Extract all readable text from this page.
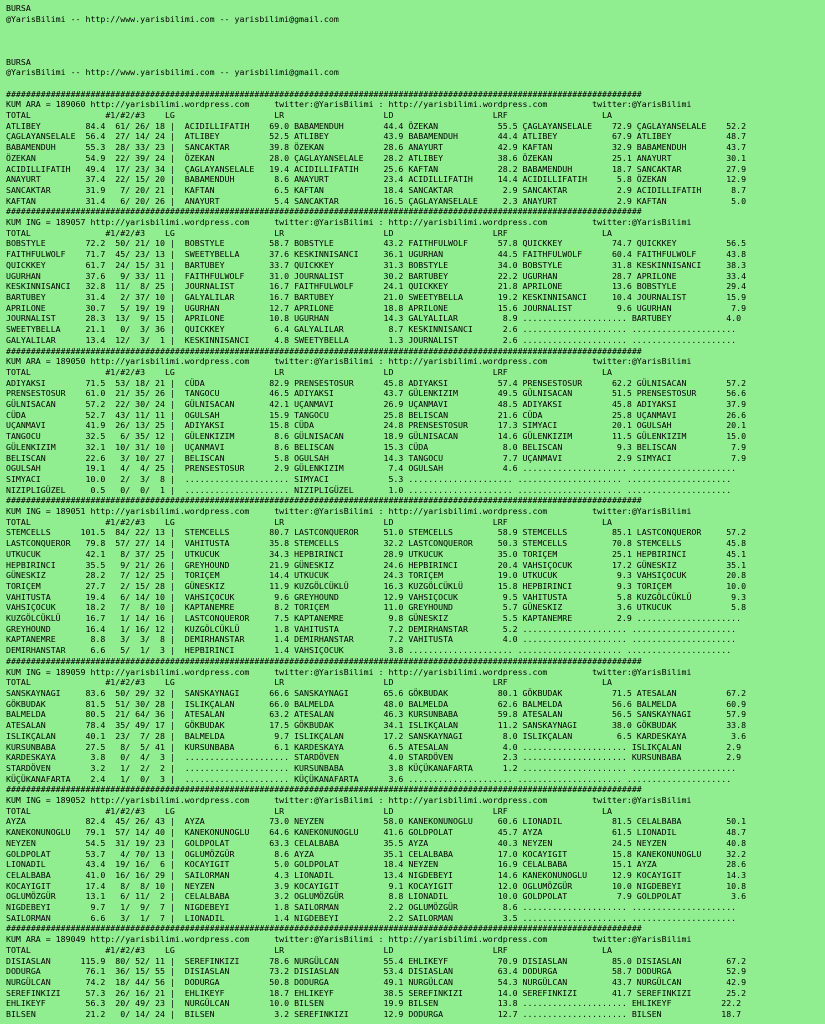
BURSA
@YarisBilimi -- http://www.yarisbilimi.com -- yarisbilimi@gmail.com

BURSA
@YarisBilimi -- http://www.yarisbilimi.com -- yarisbilimi@gmail.com

################################################################################################################################
KUM ARA = 189060 http://yarisbilimi.wordpress.com     twitter:@YarisBilimi : http://yarisbilimi.wordpress.com         twitter:@YarisBilimi
TOTAL               #1/#2/#3    LG                    LR                    LD                    LRF                   LA
ATLIBEY         84.4  61/ 26/ 18 |  ACIDILLIFATIH    69.0 BABAMENDUH        44.4 ÖZEKAN            55.5 ÇAGLAYANSELALE    72.9 ÇAGLAYANSELALE    52.2
ÇAGLAYANSELALE  56.4  27/ 14/ 24 |  ATLIBEY          52.5 ATLIBEY           43.9 BABAMENDUH        44.4 ATLIBEY           67.9 ATLIBEY           48.7
BABAMENDUH      55.3  28/ 33/ 23 |  SANCAKTAR        39.8 ÖZEKAN            28.6 ANAYURT           42.9 KAFTAN            32.9 BABAMENDUH        43.7
ÖZEKAN          54.9  22/ 39/ 24 |  ÖZEKAN           28.0 ÇAGLAYANSELALE    28.2 ATLIBEY           38.6 ÖZEKAN            25.1 ANAYURT           30.1
ACIDILLIFATIH   49.4  17/ 23/ 34 |  ÇAGLAYANSELALE   19.4 ACIDILLIFATIH     25.6 KAFTAN            28.2 BABAMENDUH        18.7 SANCAKTAR         27.9
ANAYURT         37.4  22/ 15/ 20 |  BABAMENDUH        8.6 ANAYURT           23.4 ACIDILLIFATIH     14.4 ACIDILLIFATIH      5.8 ÖZEKAN            12.9
SANCAKTAR       31.9   7/ 20/ 21 |  KAFTAN            6.5 KAFTAN            18.4 SANCAKTAR          2.9 SANCAKTAR          2.9 ACIDILLIFATIH      8.7
KAFTAN          31.4   6/ 20/ 26 |  ANAYURT           5.4 SANCAKTAR         16.5 ÇAGLAYANSELALE     2.3 ANAYURT            2.9 KAFTAN             5.0
################################################################################################################################
KUM ING = 189057 http://yarisbilimi.wordpress.com     twitter:@YarisBilimi : http://yarisbilimi.wordpress.com         twitter:@YarisBilimi
TOTAL               #1/#2/#3    LG                    LR                    LD                    LRF                   LA
BOBSTYLE        72.2  50/ 21/ 10 |  BOBSTYLE         58.7 BOBSTYLE          43.2 FAITHFULWOLF      57.8 QUICKKEY          74.7 QUICKKEY          56.5
FAITHFULWOLF    71.7  45/ 23/ 13 |  SWEETYBELLA      37.6 KESKINNISANCI     36.1 UGURHAN           44.5 FAITHFULWOLF      60.4 FAITHFULWOLF      43.8
QUICKKEY        61.7  24/ 15/ 31 |  BARTUBEY         33.7 QUICKKEY          31.3 BOBSTYLE          34.0 BOBSTYLE          31.8 KESKINNISANCI     38.3
UGURHAN         37.6   9/ 33/ 11 |  FAITHFULWOLF     31.0 JOURNALIST        30.2 BARTUBEY          22.2 UGURHAN           28.7 APRILONE          33.4
KESKINNISANCI   32.8  11/  8/ 25 |  JOURNALIST       16.7 FAITHFULWOLF      24.1 QUICKKEY          21.8 APRILONE          13.6 BOBSTYLE          29.4
BARTUBEY        31.4   2/ 37/ 10 |  GALYALILAR       16.7 BARTUBEY          21.0 SWEETYBELLA       19.2 KESKINNISANCI     10.4 JOURNALIST        15.9
APRILONE        30.7   5/ 19/ 19 |  UGURHAN          12.7 APRILONE          18.8 APRILONE          15.6 JOURNALIST         9.6 UGURHAN            7.9
JOURNALIST      28.3  13/  9/ 15 |  APRILONE         10.8 UGURHAN           14.3 GALYALILAR         8.9 ..................... BARTUBEY           4.0
SWEETYBELLA     21.1   0/  3/ 36 |  QUICKKEY          6.4 GALYALILAR         8.7 KESKINNISANCI      2.6 ..................... .....................
GALYALILAR      13.4  12/  3/  1 |  KESKINNISANCI     4.8 SWEETYBELLA        1.3 JOURNALIST         2.6 ..................... .....................
################################################################################################################################
KUM ARA = 189050 http://yarisbilimi.wordpress.com     twitter:@YarisBilimi : http://yarisbilimi.wordpress.com         twitter:@YarisBilimi
TOTAL               #1/#2/#3    LG                    LR                    LD                    LRF                   LA
ADIYAKSI        71.5  53/ 18/ 21 |  CÜDA             82.9 PRENSESTOSUR      45.8 ADIYAKSI          57.4 PRENSESTOSUR      62.2 GÜLNISACAN        57.2
PRENSESTOSUR    61.0  21/ 35/ 26 |  TANGOCU          46.5 ADIYAKSI          43.7 GÜLENKIZIM        49.5 GÜLNISACAN        51.5 PRENSESTOSUR      56.6
GÜLNISACAN      57.2  22/ 30/ 24 |  GÜLNISACAN       42.1 UÇANMAVI          26.9 UÇANMAVI          48.5 ADIYAKSI          45.8 ADIYAKSI          37.9
CÜDA            52.7  43/ 11/ 11 |  OGULSAH          15.9 TANGOCU           25.8 BELISCAN          21.6 CÜDA              25.8 UÇANMAVI          26.6
UÇANMAVI        41.9  26/ 13/ 25 |  ADIYAKSI         15.8 CÜDA              24.8 PRENSESTOSUR      17.3 SIMYACI           20.1 OGULSAH           20.1
TANGOCU         32.5   6/ 35/ 12 |  GÜLENKIZIM        8.6 GÜLNISACAN        18.9 GÜLNISACAN        14.6 GÜLENKIZIM        11.5 GÜLENKIZIM        15.0
GÜLENKIZIM      32.1  10/ 31/ 10 |  UÇANMAVI          8.6 BELISCAN          15.3 CÜDA               8.0 BELISCAN           9.3 BELISCAN           7.9
BELISCAN        22.6   3/ 10/ 27 |  BELISCAN          5.8 OGULSAH           14.3 TANGOCU            7.7 UÇANMAVI           2.9 SIMYACI            7.9
OGULSAH         19.1   4/  4/ 25 |  PRENSESTOSUR      2.9 GÜLENKIZIM         7.4 OGULSAH            4.6 ..................... .....................
SIMYACI         10.0   2/  3/  8 |  ..................... SIMYACI            5.3 ..................... ..................... .....................
NIZIPLIGÜZEL     0.5   0/  0/  1 |  ..................... NIZIPLIGÜZEL       1.0 ..................... ..................... .....................
################################################################################################################################
KUM ING = 189051 http://yarisbilimi.wordpress.com     twitter:@YarisBilimi : http://yarisbilimi.wordpress.com         twitter:@YarisBilimi
TOTAL               #1/#2/#3    LG                    LR                    LD                    LRF                   LA
STEMCELLS      101.5  84/ 22/ 13 |  STEMCELLS        80.7 LASTCONQUEROR     51.0 STEMCELLS         58.9 STEMCELLS         85.1 LASTCONQUEROR     57.2
LASTCONQUEROR   79.8  57/ 27/ 14 |  VAHITUSTA        35.8 STEMCELLS         32.2 LASTCONQUEROR     50.3 STEMCELLS         70.8 STEMCELLS         45.8
UTKUCUK         42.1   8/ 37/ 25 |  UTKUCUK          34.3 HEPBIRINCI        28.9 UTKUCUK           35.0 TORIÇEM           25.1 HEPBIRINCI        45.1
HEPBIRINCI      35.5   9/ 21/ 26 |  GREYHOUND        21.9 GÜNESKIZ          24.6 HEPBIRINCI        20.4 VAHSIÇOCUK        17.2 GÜNESKIZ          35.1
GÜNESKIZ        28.2   7/ 12/ 25 |  TORIÇEM          14.4 UTKUCUK           24.3 TORIÇEM           19.0 UTKUCUK            9.3 VAHSIÇOCUK        20.8
TORIÇEM         27.7   2/ 15/ 28 |  GÜNESKIZ         11.9 KUZGÖLCÜKLÜ       16.3 KUZGÖLCÜKLÜ       15.8 HEPBIRINCI         9.3 TORIÇEM           10.0
VAHITUSTA       19.4   6/ 14/ 10 |  VAHSIÇOCUK        9.6 GREYHOUND         12.9 VAHSIÇOCUK         9.5 VAHITUSTA          5.8 KUZGÖLCÜKLÜ        9.3
VAHSIÇOCUK      18.2   7/  8/ 10 |  KAPTANEMRE        8.2 TORIÇEM           11.0 GREYHOUND          5.7 GÜNESKIZ           3.6 UTKUCUK            5.8
KUZGÖLCÜKLÜ     16.7   1/ 14/ 16 |  LASTCONQUEROR     7.5 KAPTANEMRE         9.8 GÜNESKIZ           5.5 KAPTANEMRE         2.9 .....................
GREYHOUND       16.4   1/ 16/ 12 |  KUZGÖLCÜKLÜ       1.8 VAHITUSTA          7.2 DEMIRHANSTAR       5.2 ..................... .....................
KAPTANEMRE       8.8   3/  3/  8 |  DEMIRHANSTAR      1.4 DEMIRHANSTAR       7.2 VAHITUSTA          4.0 ..................... .....................
DEMIRHANSTAR     6.6   5/  1/  3 |  HEPBIRINCI        1.4 VAHSIÇOCUK         3.8 ..................... ..................... .....................
################################################################################################################################
KUM ING = 189059 http://yarisbilimi.wordpress.com     twitter:@YarisBilimi : http://yarisbilimi.wordpress.com         twitter:@YarisBilimi
TOTAL               #1/#2/#3    LG                    LR                    LD                    LRF                   LA
SANSKAYNAGI     83.6  50/ 29/ 32 |  SANSKAYNAGI      66.6 SANSKAYNAGI       65.6 GÖKBUDAK          80.1 GÖKBUDAK          71.5 ATESALAN          67.2
GÖKBUDAK        81.5  51/ 30/ 28 |  ISLIKÇALAN       66.0 BALMELDA          48.0 BALMELDA          62.6 BALMELDA          56.6 BALMELDA          60.9
BALMELDA        80.5  21/ 64/ 36 |  ATESALAN         63.2 ATESALAN          46.3 KURSUNBABA        59.8 ATESALAN          56.5 SANSKAYNAGI       57.9
ATESALAN        78.4  35/ 49/ 17 |  GÖKBUDAK         17.5 GÖKBUDAK          34.1 ISLIKÇALAN        11.2 SANSKAYNAGI       38.0 GÖKBUDAK          33.8
ISLIKÇALAN      40.1  23/  7/ 28 |  BALMELDA          9.7 ISLIKÇALAN        17.2 SANSKAYNAGI        8.0 ISLIKÇALAN         6.5 KARDESKAYA         3.6
KURSUNBABA      27.5   8/  5/ 41 |  KURSUNBABA        6.1 KARDESKAYA         6.5 ATESALAN           4.0 ..................... ISLIKÇALAN         2.9
KARDESKAYA       3.8   0/  4/  3 |  ..................... STARDÖVEN          4.0 STARDÖVEN          2.3 ..................... KURSUNBABA         2.9
STARDÖVEN        3.2   1/  2/  2 |  ..................... KURSUNBABA         3.8 KÜÇÜKANAFARTA      1.2 ..................... .....................
KÜÇÜKANAFARTA    2.4   1/  0/  3 |  ..................... KÜÇÜKANAFARTA      3.6 ..................... ..................... .....................
################################################################################################################################
KUM ING = 189052 http://yarisbilimi.wordpress.com     twitter:@YarisBilimi : http://yarisbilimi.wordpress.com         twitter:@YarisBilimi
TOTAL               #1/#2/#3    LG                    LR                    LD                    LRF                   LA
AYZA            82.4  45/ 26/ 43 |  AYZA             73.0 NEYZEN            58.0 KANEKONUNOGLU     60.6 LIONADIL          81.5 CELALBABA         50.1
KANEKONUNOGLU   79.1  57/ 14/ 40 |  KANEKONUNOGLU    64.6 KANEKONUNOGLU     41.6 GOLDPOLAT         45.7 AYZA              61.5 LIONADIL          48.7
NEYZEN          54.5  31/ 19/ 23 |  GOLDPOLAT        63.3 CELALBABA         35.5 AYZA              40.3 NEYZEN            24.5 NEYZEN            40.8
GOLDPOLAT       53.7   4/ 70/ 13 |  OGLUMÖZGÜR        8.6 AYZA              35.1 CELALBABA         17.0 KOCAYIGIT         15.8 KANEKONUNOGLU     32.2
LIONADIL        43.4  19/ 16/  6 |  KOCAYIGIT         5.0 GOLDPOLAT         18.4 NEYZEN            16.9 CELALBABA         15.1 AYZA              28.6
CELALBABA       41.0  16/ 16/ 29 |  SAILORMAN         4.3 LIONADIL          13.4 NIGDEBEYI         14.6 KANEKONUNOGLU     12.9 KOCAYIGIT         14.3
KOCAYIGIT       17.4   8/  8/ 10 |  NEYZEN            3.9 KOCAYIGIT          9.1 KOCAYIGIT         12.0 OGLUMÖZGÜR        10.0 NIGDEBEYI         10.8
OGLUMÖZGÜR      13.1   6/ 11/  2 |  CELALBABA         3.2 OGLUMÖZGÜR         8.8 LIONADIL          10.0 GOLDPOLAT          7.9 GOLDPOLAT          3.6
NIGDEBEYI        9.7   1/  9/  7 |  NIGDEBEYI         1.8 SAILORMAN          2.2 OGLUMÖZGÜR         8.6 ..................... .....................
SAILORMAN        6.6   3/  1/  7 |  LIONADIL          1.4 NIGDEBEYI          2.2 SAILORMAN          3.5 ..................... .....................
################################################################################################################################
KUM ARA = 189049 http://yarisbilimi.wordpress.com     twitter:@YarisBilimi : http://yarisbilimi.wordpress.com         twitter:@YarisBilimi
TOTAL               #1/#2/#3    LG                    LR                    LD                    LRF                   LA
DISIASLAN      115.9  80/ 52/ 11 |  SEREFINKIZI      78.6 NURGÜLCAN         55.4 EHLIKEYF          70.9 DISIASLAN         85.0 DISIASLAN         67.2
DODURGA         76.1  36/ 15/ 55 |  DISIASLAN        73.2 DISIASLAN         53.4 DISIASLAN         63.4 DODURGA           58.7 DODURGA           52.9
NURGÜLCAN       74.2  18/ 44/ 56 |  DODURGA          50.8 DODURGA           49.1 NURGÜLCAN         54.3 NURGÜLCAN         43.7 NURGÜLCAN         42.9
SEREFINKIZI     57.3  26/ 16/ 21 |  EHLIKEYF         18.7 EHLIKEYF          38.5 SEREFINKIZI       14.0 SEREFINKIZI       41.7 SEREFINKIZI       25.2
EHLIKEYF        56.3  20/ 49/ 23 |  NURGÜLCAN        10.0 BILSEN            19.9 BILSEN            13.8 ..................... EHLIKEYF          22.2
BILSEN          21.2   0/ 14/ 24 |  BILSEN            3.2 SEREFINKIZI       12.9 DODURGA           12.7 ..................... BILSEN            18.7
